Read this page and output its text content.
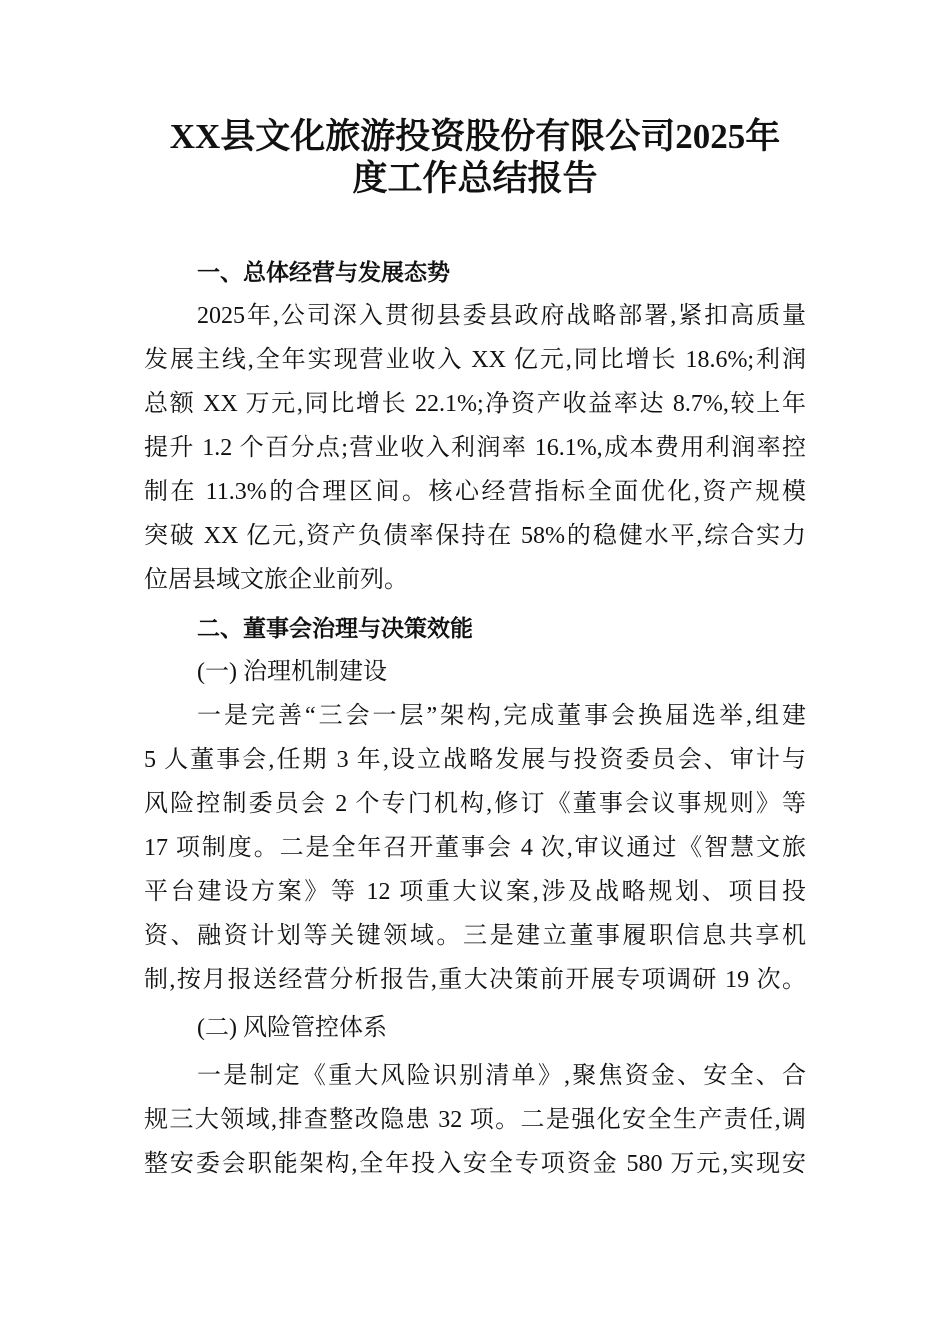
XX县文化旅游投资股份有限公司2025年
度工作总结报告
一、总体经营与发展态势
2025年,公司深入贯彻县委县政府战略部署,紧扣高质量
发展主线,全年实现营业收入 XX 亿元,同比增长 18.6%;利润
总额 XX 万元,同比增长 22.1%;净资产收益率达 8.7%,较上年
提升 1.2 个百分点;营业收入利润率 16.1%,成本费用利润率控
制在 11.3%的合理区间。核心经营指标全面优化,资产规模
突破 XX 亿元,资产负债率保持在 58%的稳健水平,综合实力
位居县域文旅企业前列。
二、董事会治理与决策效能
(一) 治理机制建设
一是完善“三会一层”架构,完成董事会换届选举,组建
5 人董事会,任期 3 年,设立战略发展与投资委员会、审计与
风险控制委员会 2 个专门机构,修订《董事会议事规则》等
17 项制度。二是全年召开董事会 4 次,审议通过《智慧文旅
平台建设方案》等 12 项重大议案,涉及战略规划、项目投
资、融资计划等关键领域。三是建立董事履职信息共享机
制,按月报送经营分析报告,重大决策前开展专项调研 19 次。
(二) 风险管控体系
一是制定《重大风险识别清单》,聚焦资金、安全、合
规三大领域,排查整改隐患 32 项。二是强化安全生产责任,调
整安委会职能架构,全年投入安全专项资金 580 万元,实现安
